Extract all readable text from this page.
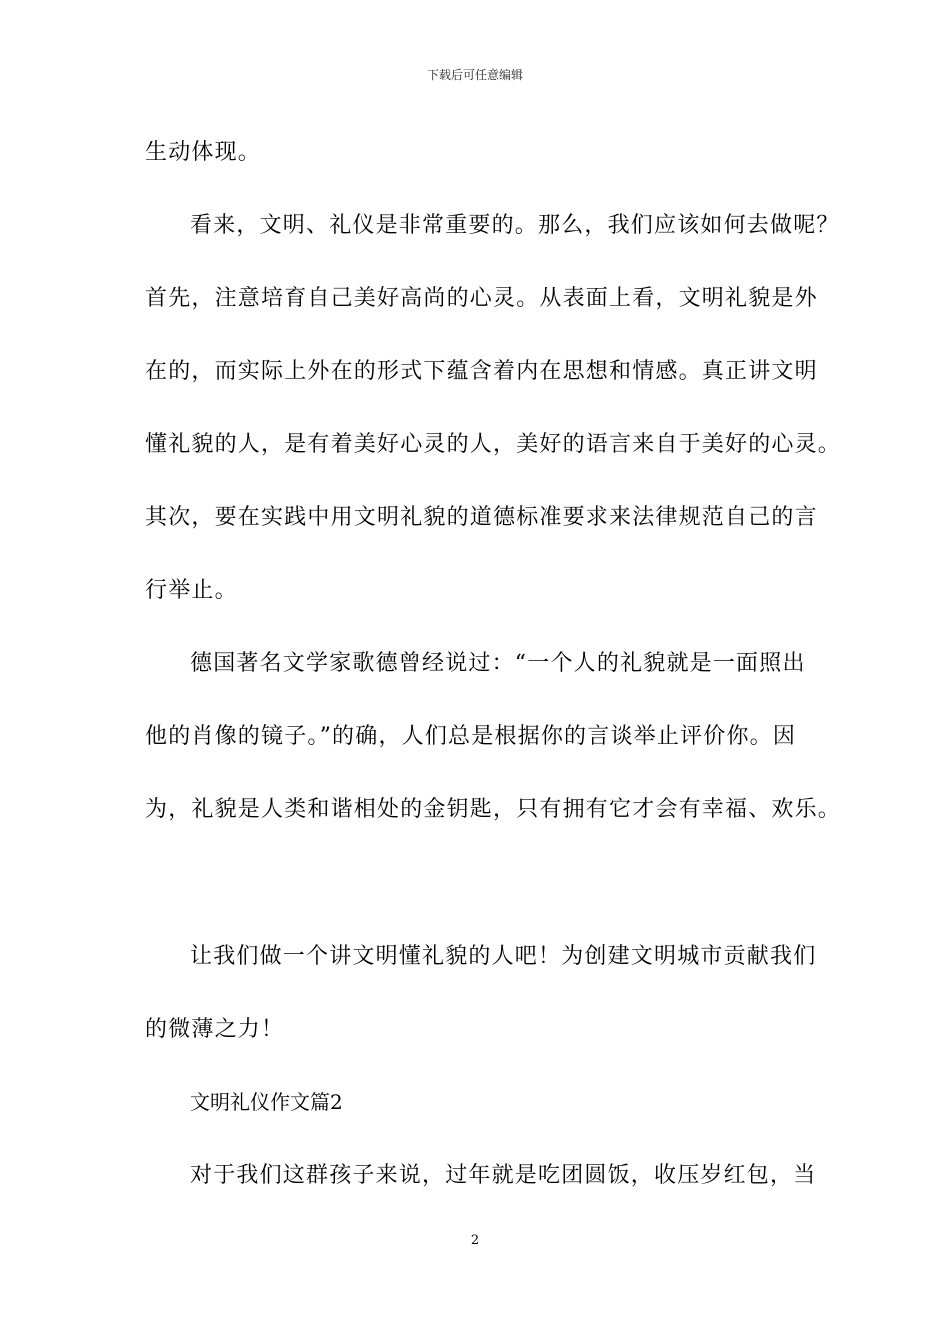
下载后可任意编辑
生动体现。
看来，文明、礼仪是非常重要的。那么，我们应该如何去做呢？
首先，注意培育自己美好高尚的心灵。从表面上看，文明礼貌是外
在的，而实际上外在的形式下蕴含着内在思想和情感。真正讲文明
懂礼貌的人，是有着美好心灵的人，美好的语言来自于美好的心灵。
其次，要在实践中用文明礼貌的道德标准要求来法律规范自己的言
行举止。
德国著名文学家歌德曾经说过：“一个人的礼貌就是一面照出
他的肖像的镜子。”的确，人们总是根据你的言谈举止评价你。因
为，礼貌是人类和谐相处的金钥匙，只有拥有它才会有幸福、欢乐。
让我们做一个讲文明懂礼貌的人吧！为创建文明城市贡献我们
的微薄之力！
文明礼仪作文篇2
对于我们这群孩子来说，过年就是吃团圆饭，收压岁红包，当
2
